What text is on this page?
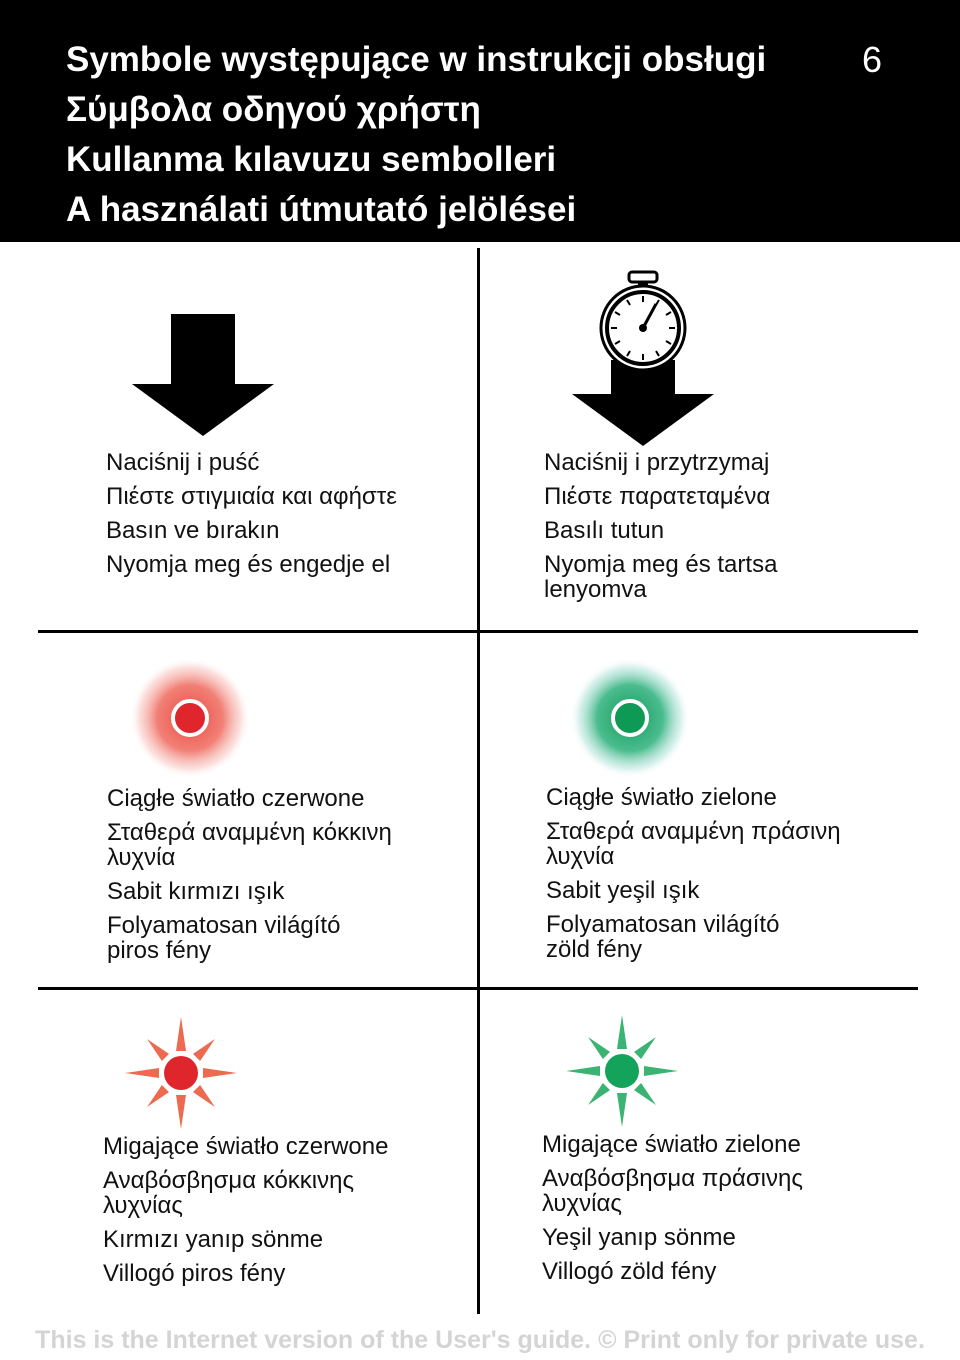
Symbole występujące w instrukcji obsługi
Σύμβολα οδηγού χρήστη
Kullanma kılavuzu sembolleri
A használati útmutató jelölései
6
Naciśnij i puść
Πιέστε στιγμιαία και αφήστε
Basın ve bırakın
Nyomja meg és engedje el
Naciśnij i przytrzymaj
Πιέστε παρατεταμένα
Basılı tutun
Nyomja meg és tartsa lenyomva
Ciągłe światło czerwone
Σταθερά αναμμένη κόκκινη λυχνία
Sabit kırmızı ışık
Folyamatosan világító piros fény
Ciągłe światło zielone
Σταθερά αναμμένη πράσινη λυχνία
Sabit yeşil ışık
Folyamatosan világító zöld fény
Migające światło czerwone
Αναβόσβησμα κόκκινης λυχνίας
Kırmızı yanıp sönme
Villogó piros fény
Migające światło zielone
Αναβόσβησμα πράσινης λυχνίας
Yeşil yanıp sönme
Villogó zöld fény
This is the Internet version of the User's guide. © Print only for private use.
